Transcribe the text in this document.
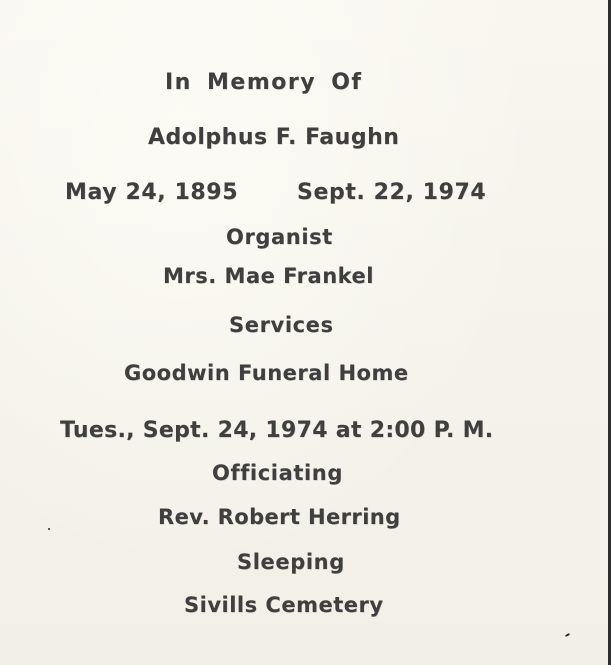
In Memory Of
Adolphus F. Faughn
May 24, 1895	Sept. 22, 1974
Organist
Mrs. Mae Frankel
Services
Goodwin Funeral Home
Tues., Sept. 24, 1974 at 2:00 P. M.
Officiating
Rev. Robert Herring
Sleeping
Sivills Cemetery
